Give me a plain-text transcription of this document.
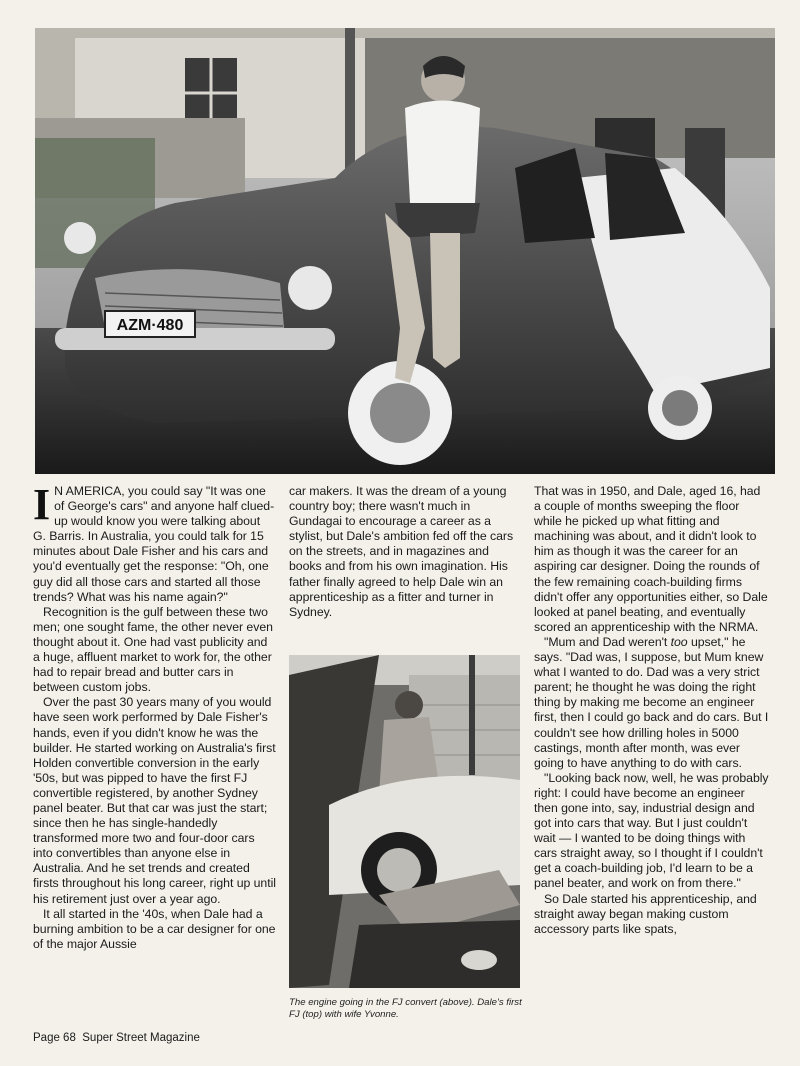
AZM·480

I N AMERICA, you could say "It was one of George's cars" and anyone half clued-up would know you were talking about G. Barris. In Australia, you could talk for 15 minutes about Dale Fisher and his cars and you'd eventually get the response: "Oh, one guy did all those cars and started all those trends? What was his name again?"

Recognition is the gulf between these two men; one sought fame, the other never even thought about it. One had vast publicity and a huge, affluent market to work for, the other had to repair bread and butter cars in between custom jobs.

Over the past 30 years many of you would have seen work performed by Dale Fisher's hands, even if you didn't know he was the builder. He started working on Australia's first Holden convertible conversion in the early '50s, but was pipped to have the first FJ convertible registered, by another Sydney panel beater. But that car was just the start; since then he has single-handedly transformed more two and four-door cars into convertibles than anyone else in Australia. And he set trends and created firsts throughout his long career, right up until his retirement just over a year ago.

It all started in the '40s, when Dale had a burning ambition to be a car designer for one of the major Aussie

car makers. It was the dream of a young country boy; there wasn't much in Gundagai to encourage a career as a stylist, but Dale's ambition fed off the cars on the streets, and in magazines and books and from his own imagination. His father finally agreed to help Dale win an apprenticeship as a fitter and turner in Sydney.

The engine going in the FJ convert (above). Dale's first FJ (top) with wife Yvonne.

That was in 1950, and Dale, aged 16, had a couple of months sweeping the floor while he picked up what fitting and machining was about, and it didn't look to him as though it was the career for an aspiring car designer. Doing the rounds of the few remaining coach-building firms didn't offer any opportunities either, so Dale looked at panel beating, and eventually scored an apprenticeship with the NRMA.

"Mum and Dad weren't too upset," he says. "Dad was, I suppose, but Mum knew what I wanted to do. Dad was a very strict parent; he thought he was doing the right thing by making me become an engineer first, then I could go back and do cars. But I couldn't see how drilling holes in 5000 castings, month after month, was ever going to have anything to do with cars.

"Looking back now, well, he was probably right: I could have become an engineer then gone into, say, industrial design and got into cars that way. But I just couldn't wait — I wanted to be doing things with cars straight away, so I thought if I couldn't get a coach-building job, I'd learn to be a panel beater, and work on from there."

So Dale started his apprenticeship, and straight away began making custom accessory parts like spats,

Page 68 Super Street Magazine
